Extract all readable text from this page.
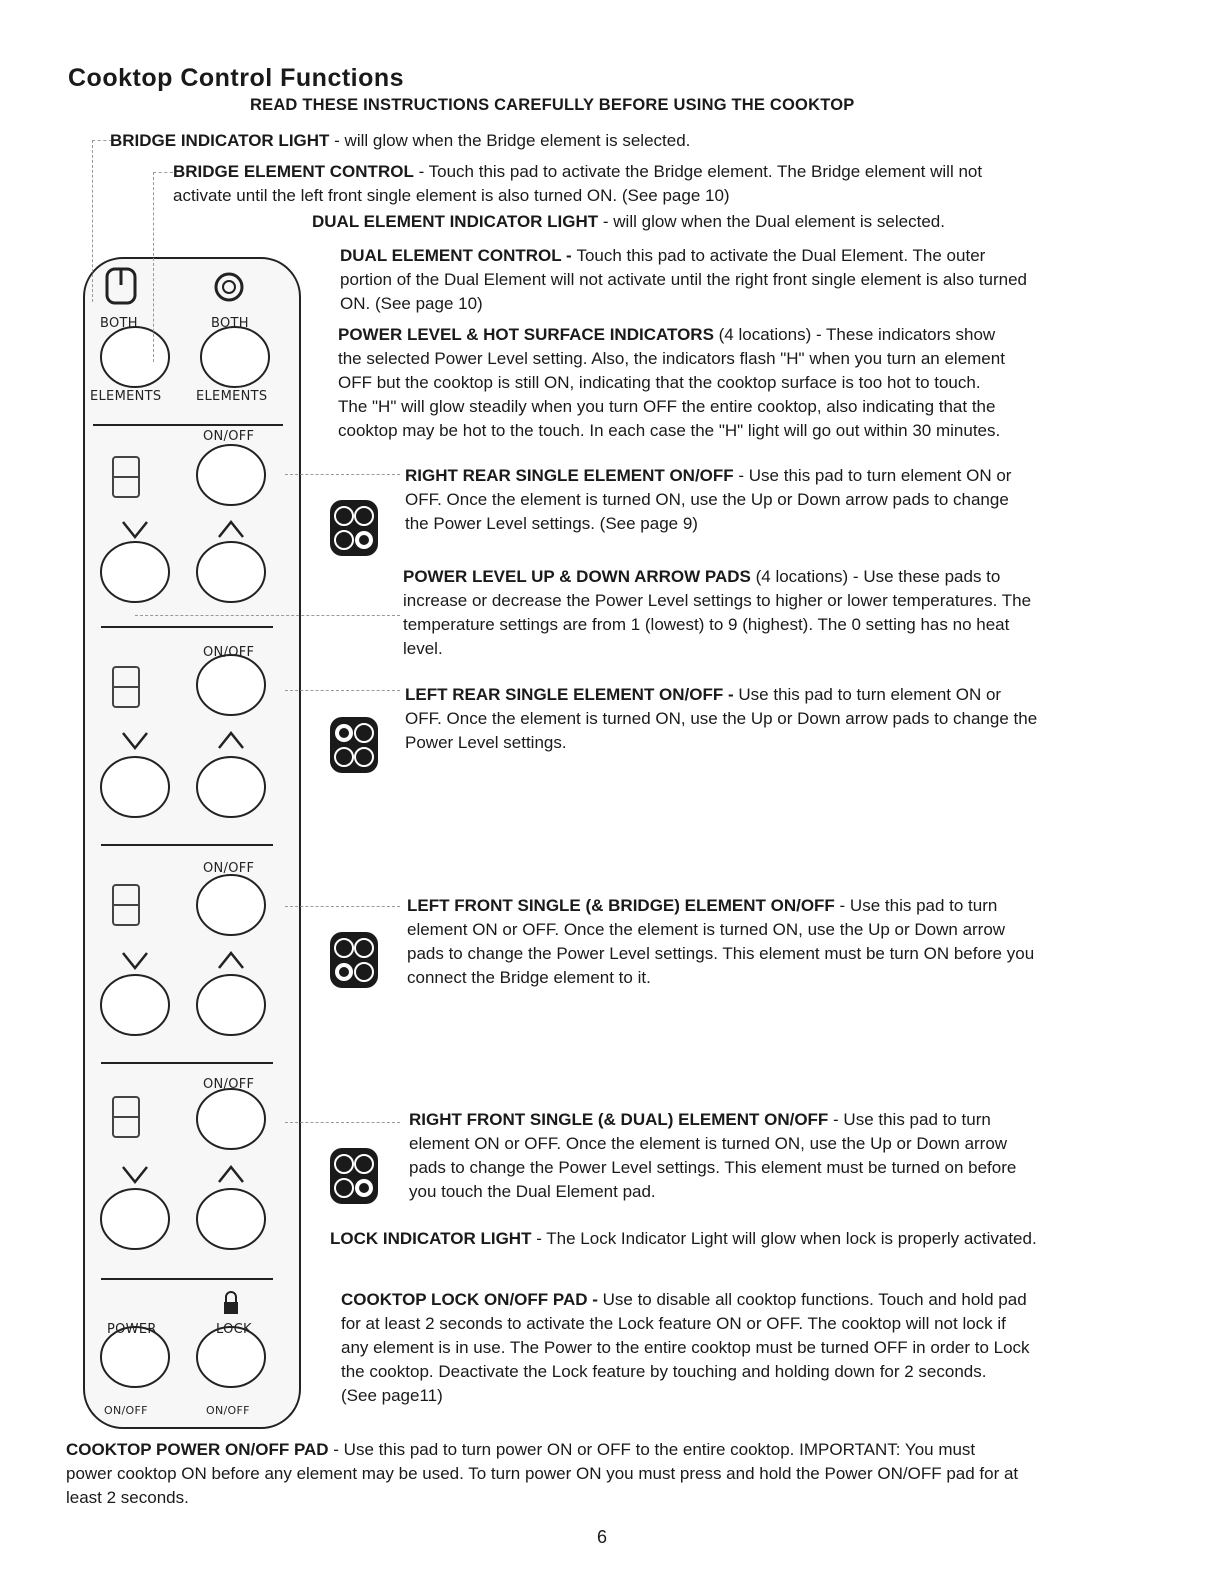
Cooktop Control Functions
READ THESE INSTRUCTIONS CAREFULLY BEFORE USING THE COOKTOP
BOTH	BOTH
ELEMENTS	ELEMENTS
ON/OFF
ON/OFF
ON/OFF
ON/OFF
POWER	LOCK
ON/OFF	ON/OFF
BRIDGE INDICATOR LIGHT - will glow when the Bridge element is selected.
BRIDGE ELEMENT CONTROL - Touch this pad to activate the Bridge element. The Bridge element will not
activate until the left front single element is also turned ON. (See page 10)
DUAL ELEMENT INDICATOR LIGHT - will glow when the Dual element is selected.
DUAL ELEMENT CONTROL - Touch this pad to activate the Dual Element. The outer
portion of the Dual Element will not activate until the right front single element is also turned
ON. (See page 10)
POWER LEVEL & HOT SURFACE INDICATORS (4 locations) - These indicators show
the selected Power Level setting. Also, the indicators flash "H" when you turn an element
OFF but the cooktop is still ON, indicating that the cooktop surface is too hot to touch.
The "H" will glow steadily when you turn OFF the entire cooktop, also indicating that the
cooktop may be hot to the touch. In each case the "H" light will go out within 30 minutes.
RIGHT REAR SINGLE ELEMENT ON/OFF - Use this pad to turn element ON or
OFF. Once the element is turned ON, use the Up or Down arrow pads to change
the Power Level settings. (See page 9)
POWER LEVEL UP & DOWN ARROW PADS (4 locations) - Use these pads to
increase or decrease the Power Level settings to higher or lower temperatures. The
temperature settings are from 1 (lowest) to 9 (highest). The 0 setting has no heat
level.
LEFT REAR SINGLE ELEMENT ON/OFF - Use this pad to turn element ON or
OFF. Once the element is turned ON, use the Up or Down arrow pads to change the
Power Level settings.
LEFT FRONT SINGLE (& BRIDGE) ELEMENT ON/OFF - Use this pad to turn
element ON or OFF. Once the element is turned ON, use the Up or Down arrow
pads to change the Power Level settings. This element must be turn ON before you
connect the Bridge element to it.
RIGHT FRONT SINGLE (& DUAL) ELEMENT ON/OFF - Use this pad to turn
element ON or OFF. Once the element is turned ON, use the Up or Down arrow
pads to change the Power Level settings. This element must be turned on before
you touch the Dual Element pad.
LOCK INDICATOR LIGHT - The Lock Indicator Light will glow when lock is properly activated.
COOKTOP LOCK ON/OFF PAD - Use to disable all cooktop functions. Touch and hold pad
for at least 2 seconds to activate the Lock feature ON or OFF. The cooktop will not lock if
any element is in use. The Power to the entire cooktop must be turned OFF in order to Lock
the cooktop. Deactivate the Lock feature by touching and holding down for 2 seconds.
(See page11)
COOKTOP POWER ON/OFF PAD - Use this pad to turn power ON or OFF to the entire cooktop. IMPORTANT: You must
power cooktop ON before any element may be used. To turn power ON you must press and hold the Power ON/OFF pad for at
least 2 seconds.
6
